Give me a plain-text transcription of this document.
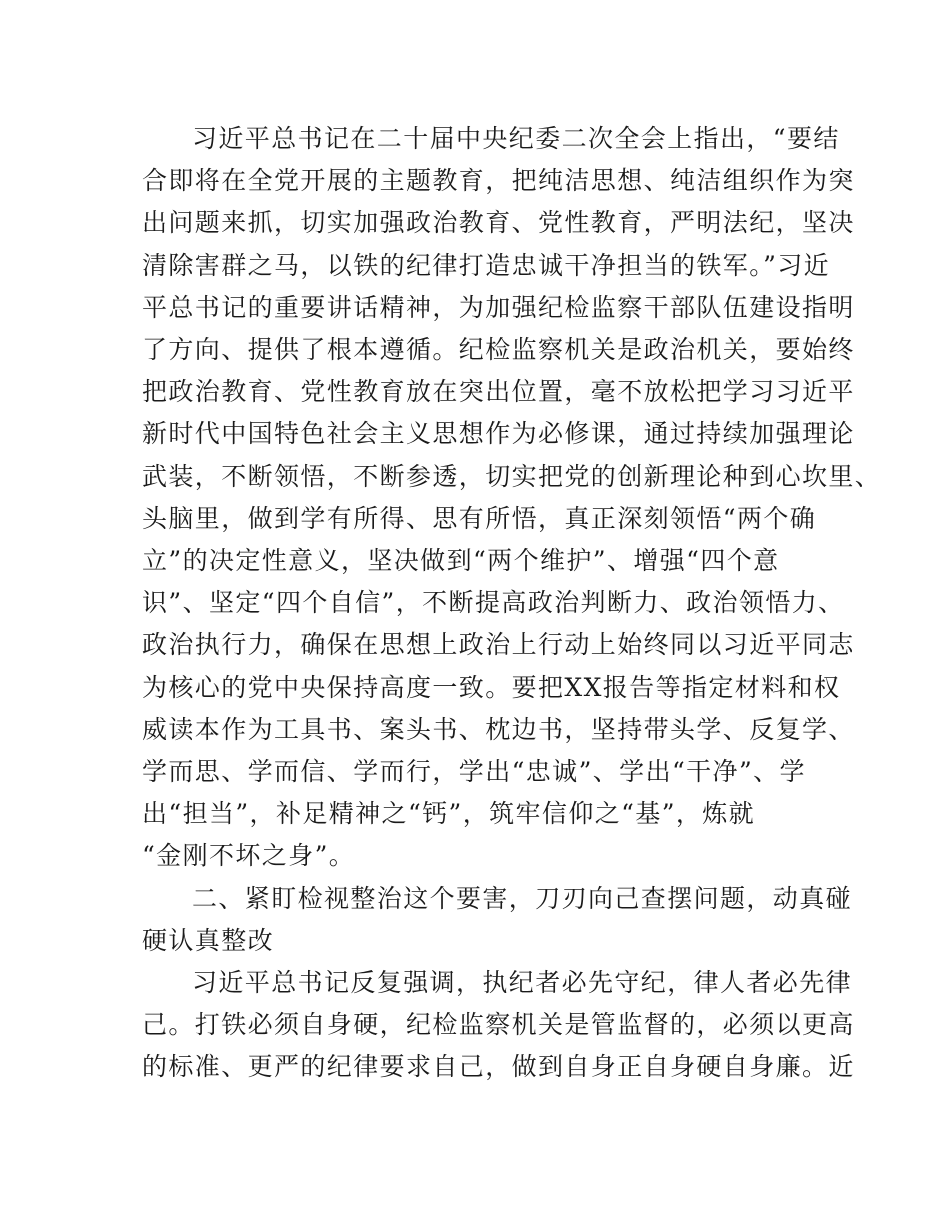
习近平总书记在二十届中央纪委二次全会上指出，“要结
合即将在全党开展的主题教育，把纯洁思想、纯洁组织作为突
出问题来抓，切实加强政治教育、党性教育，严明法纪，坚决
清除害群之马，以铁的纪律打造忠诚干净担当的铁军。”习近
平总书记的重要讲话精神，为加强纪检监察干部队伍建设指明
了方向、提供了根本遵循。纪检监察机关是政治机关，要始终
把政治教育、党性教育放在突出位置，毫不放松把学习习近平
新时代中国特色社会主义思想作为必修课，通过持续加强理论
武装，不断领悟，不断参透，切实把党的创新理论种到心坎里、
头脑里，做到学有所得、思有所悟，真正深刻领悟“两个确
立”的决定性意义，坚决做到“两个维护”、增强“四个意
识”、坚定“四个自信”，不断提高政治判断力、政治领悟力、
政治执行力，确保在思想上政治上行动上始终同以习近平同志
为核心的党中央保持高度一致。要把XX报告等指定材料和权
威读本作为工具书、案头书、枕边书，坚持带头学、反复学、
学而思、学而信、学而行，学出“忠诚”、学出“干净”、学
出“担当”，补足精神之“钙”，筑牢信仰之“基”，炼就
“金刚不坏之身”。
二、紧盯检视整治这个要害，刀刃向己查摆问题，动真碰
硬认真整改
习近平总书记反复强调，执纪者必先守纪，律人者必先律
己。打铁必须自身硬，纪检监察机关是管监督的，必须以更高
的标准、更严的纪律要求自己，做到自身正自身硬自身廉。近
